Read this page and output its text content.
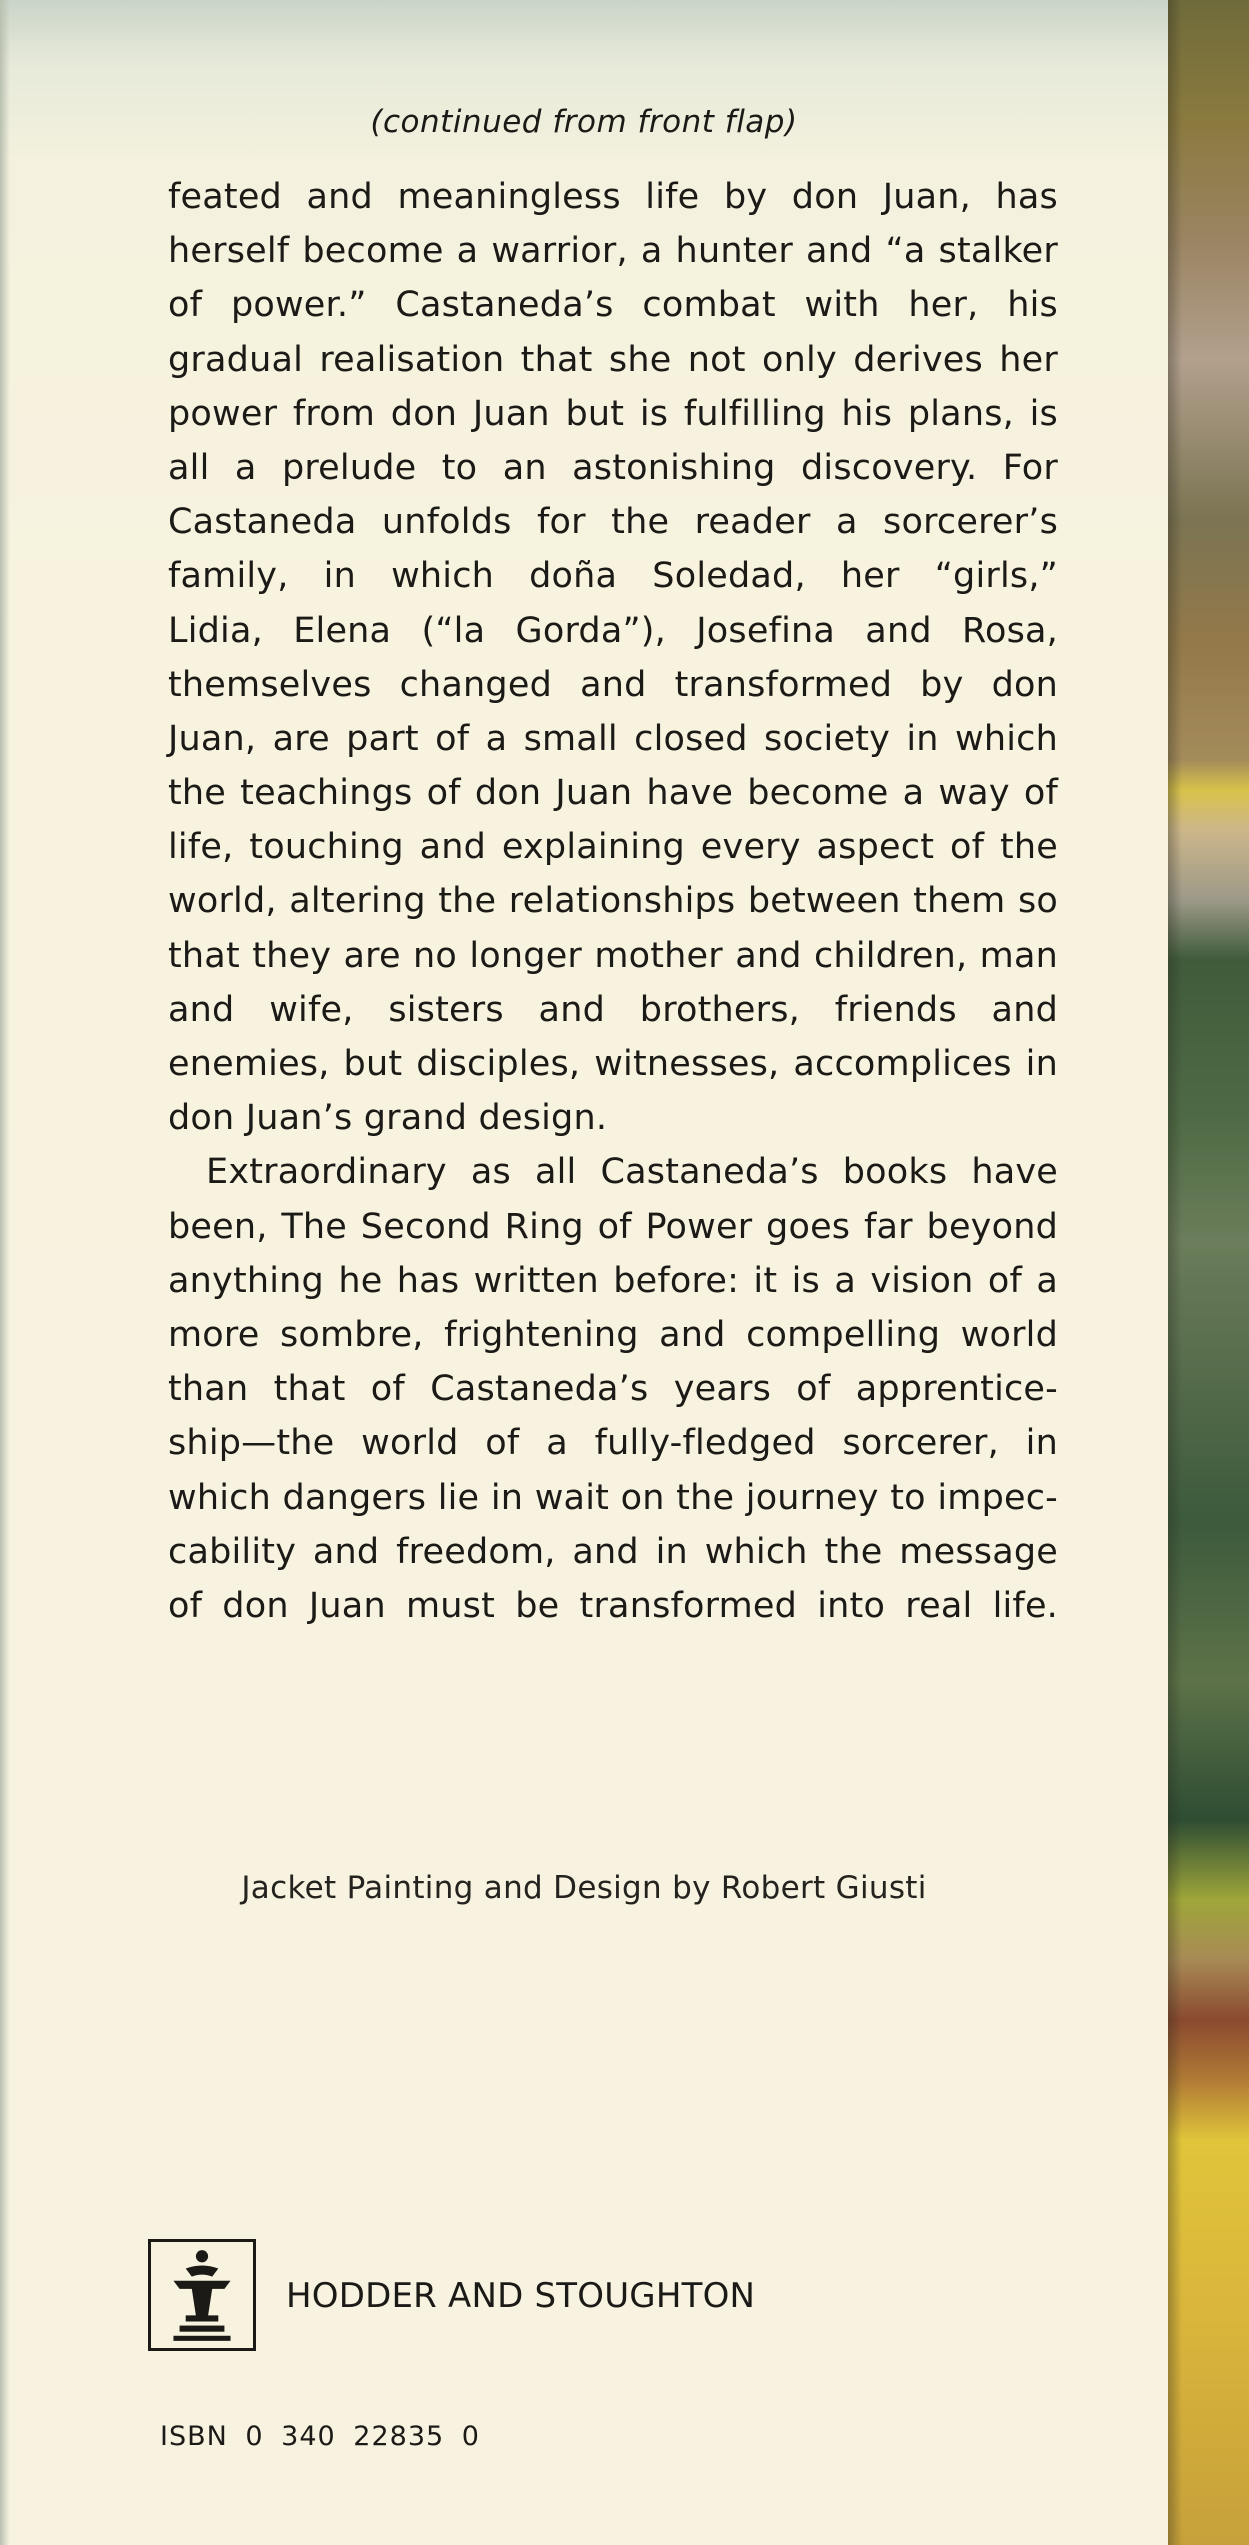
(continued from front flap)
feated and meaningless life by don Juan, has
herself become a warrior, a hunter and “a stalker
of power.” Castaneda’s combat with her, his
gradual realisation that she not only derives her
power from don Juan but is fulfilling his plans, is
all a prelude to an astonishing discovery. For
Castaneda unfolds for the reader a sorcerer’s
family, in which doña Soledad, her “girls,”
Lidia, Elena (“la Gorda”), Josefina and Rosa,
themselves changed and transformed by don
Juan, are part of a small closed society in which
the teachings of don Juan have become a way of
life, touching and explaining every aspect of the
world, altering the relationships between them so
that they are no longer mother and children, man
and wife, sisters and brothers, friends and
enemies, but disciples, witnesses, accomplices in
don Juan’s grand design.
Extraordinary as all Castaneda’s books have
been, The Second Ring of Power goes far beyond
anything he has written before: it is a vision of a
more sombre, frightening and compelling world
than that of Castaneda’s years of apprentice-
ship—the world of a fully-fledged sorcerer, in
which dangers lie in wait on the journey to impec-
cability and freedom, and in which the message
of don Juan must be transformed into real life.
Jacket Painting and Design by Robert Giusti
HODDER AND STOUGHTON
ISBN 0 340 22835 0
